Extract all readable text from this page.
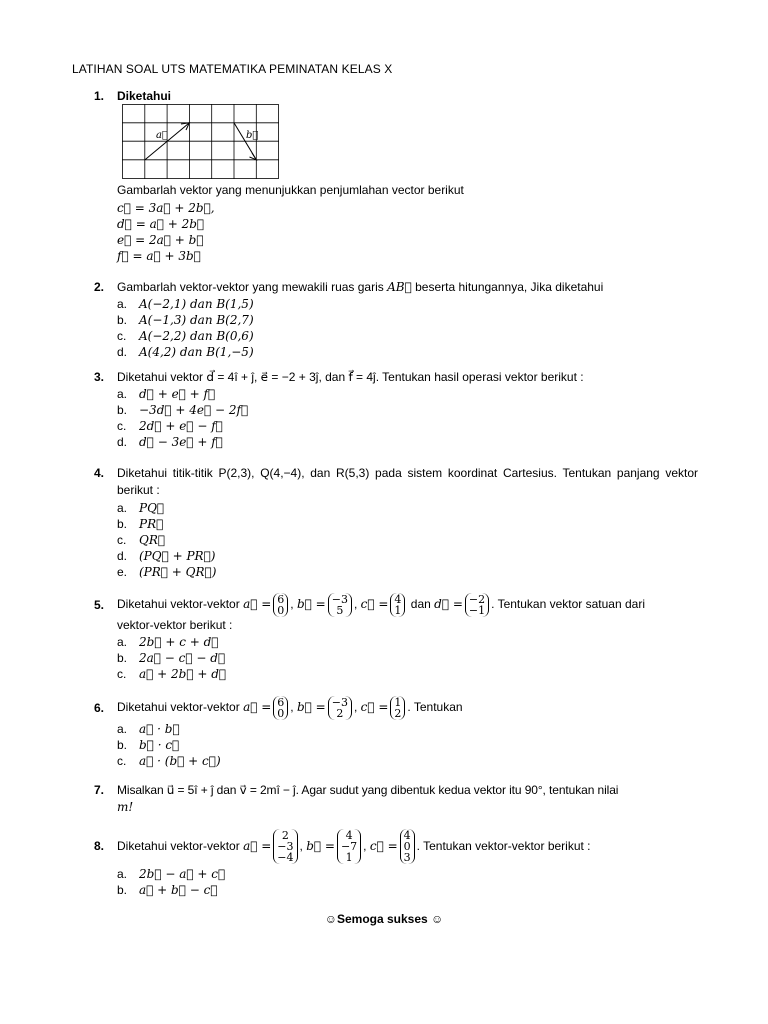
LATIHAN SOAL UTS MATEMATIKA PEMINATAN KELAS X
1.	Diketahui
a⃗	b⃗
Gambarlah vektor yang menunjukkan penjumlahan vector berikut
c⃗ = 3a⃗ + 2b⃗,
d⃗ = a⃗ + 2b⃗
e⃗ = 2a⃗ + b⃗
f⃗ = a⃗ + 3b⃗
2.	Gambarlah vektor-vektor yang mewakili ruas garis AB⃗ beserta hitungannya, Jika diketahui
a. A(−2,1) dan B(1,5)
b. A(−1,3) dan B(2,7)
c. A(−2,2) dan B(0,6)
d. A(4,2) dan B(1,−5)
3.	Diketahui vektor d⃗ = 4î + ĵ, e⃗ = −2 + 3ĵ, dan f⃗ = 4ĵ. Tentukan hasil operasi vektor berikut :
a. d⃗ + e⃗ + f⃗
b. −3d⃗ + 4e⃗ − 2f⃗
c. 2d⃗ + e⃗ − f⃗
d. d⃗ − 3e⃗ + f⃗
4.	Diketahui titik-titik P(2,3), Q(4,−4), dan R(5,3) pada sistem koordinat Cartesius. Tentukan panjang vektor berikut :
a. PQ⃗
b. PR⃗
c. QR⃗
d. (PQ⃗ + PR⃗)
e. (PR⃗ + QR⃗)
5.	Diketahui vektor-vektor a⃗ = 6
0 , b⃗ = −3
5 , c⃗ = 4
1 dan d⃗ = −2
−1 . Tentukan vektor satuan dari
vektor-vektor berikut :
a. 2b⃗ + c + d⃗
b. 2a⃗ − c⃗ − d⃗
c. a⃗ + 2b⃗ + d⃗
6.	Diketahui vektor-vektor a⃗ = 6
0 , b⃗ = −3
2 , c⃗ = 1
2 . Tentukan
a. a⃗ · b⃗
b. b⃗ · c⃗
c. a⃗ · (b⃗ + c⃗)
7.	Misalkan u⃗ = 5î + ĵ dan v⃗ = 2mî − ĵ. Agar sudut yang dibentuk kedua vektor itu 90°, tentukan nilai
m!
8.	Diketahui vektor-vektor a⃗ =2
−3
−4, b⃗ =4
−7
1, c⃗ =4
0
3. Tentukan vektor-vektor berikut :
a. 2b⃗ − a⃗ + c⃗
b. a⃗ + b⃗ − c⃗
☺Semoga sukses ☺
